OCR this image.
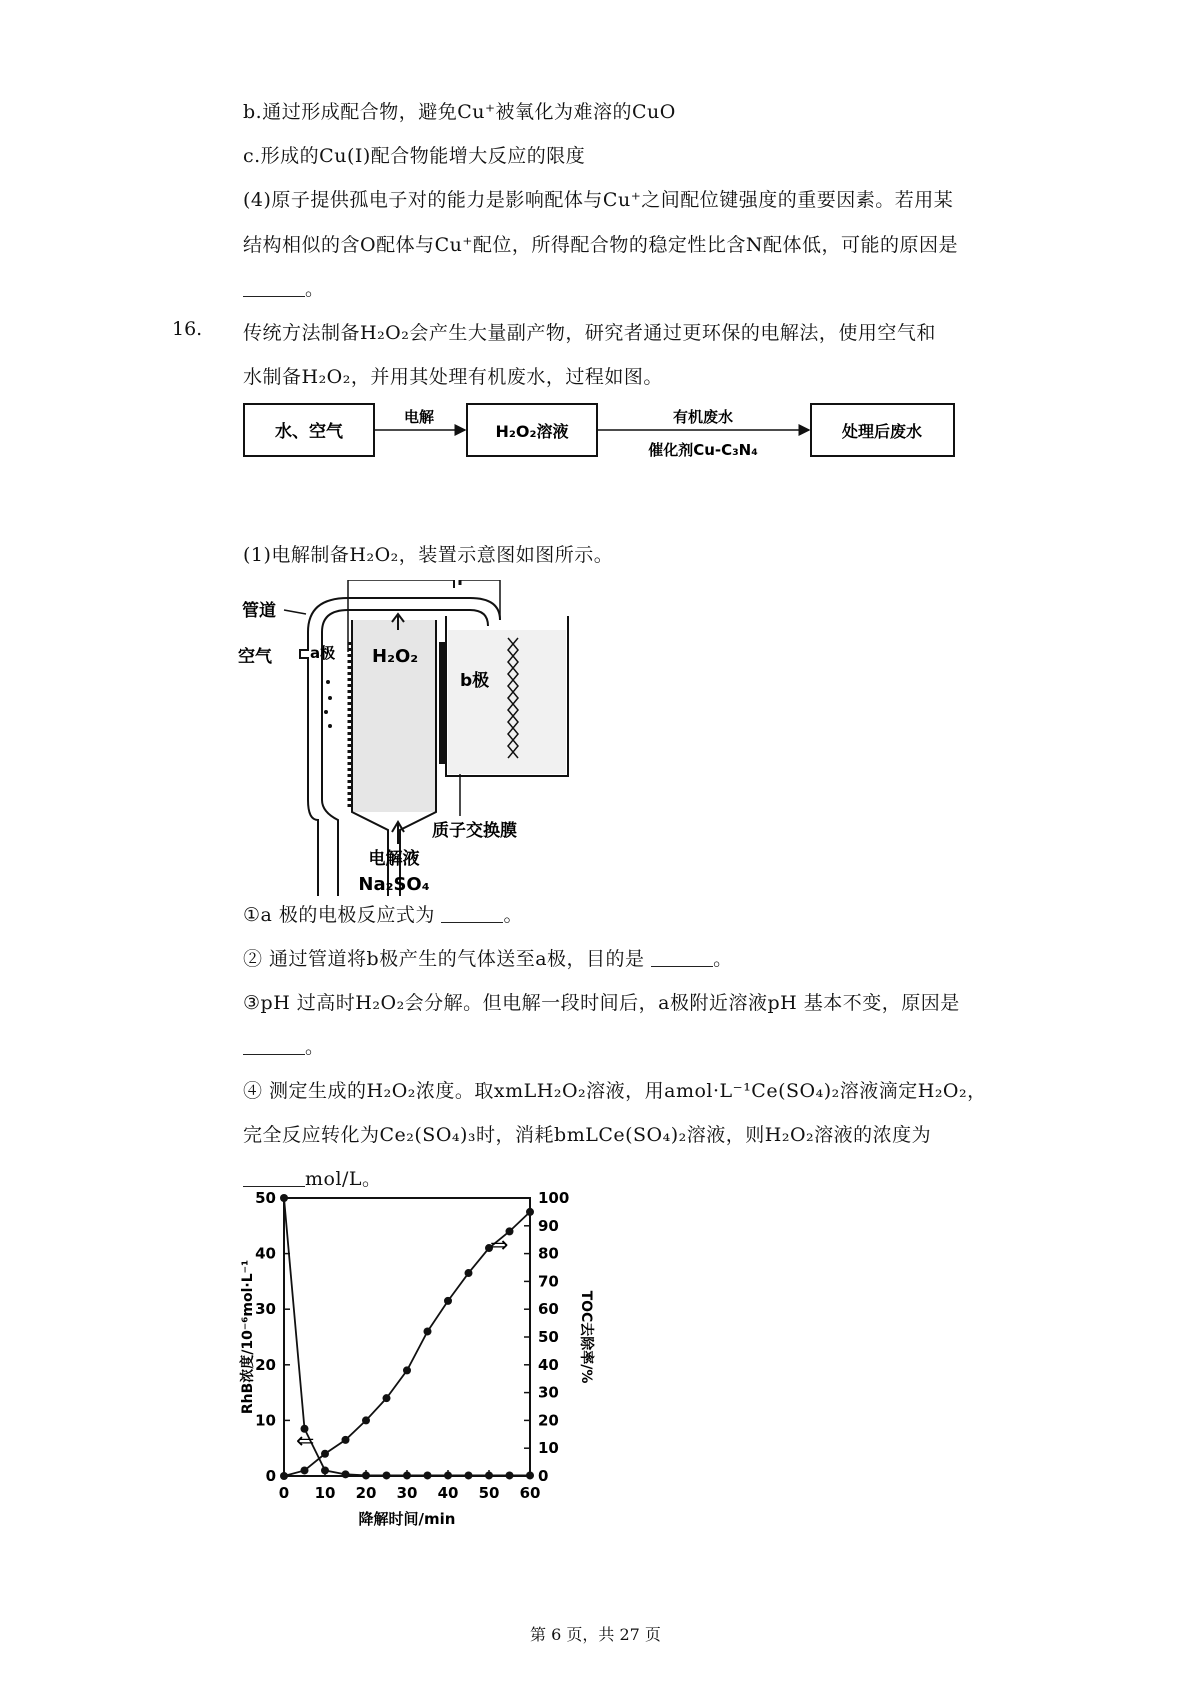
b.通过形成配合物，避免Cu⁺被氧化为难溶的CuO
c.形成的Cu(I)配合物能增大反应的限度
(4)原子提供孤电子对的能力是影响配体与Cu⁺之间配位键强度的重要因素。若用某
结构相似的含O配体与Cu⁺配位，所得配合物的稳定性比含N配体低，可能的原因是
。
16. 传统方法制备H₂O₂会产生大量副产物，研究者通过更环保的电解法，使用空气和
水制备H₂O₂，并用其处理有机废水，过程如图。
水、空气
电解
H₂O₂溶液
有机废水
催化剂Cu-C₃N₄
处理后废水
(1)电解制备H₂O₂，装置示意图如图所示。
管道
空气	a极 H₂O₂
b极
质子交换膜
电解液
Na₂SO₄
①a 极的电极反应式为	。
② 通过管道将b极产生的气体送至a极，目的是	。
③pH 过高时H₂O₂会分解。但电解一段时间后，a极附近溶液pH 基本不变，原因是
。
④ 测定生成的H₂O₂浓度。取xmLH₂O₂溶液，用amol·L⁻¹Ce(SO₄)₂溶液滴定H₂O₂，
完全反应转化为Ce₂(SO₄)₃时，消耗bmLCe(SO₄)₂溶液，则H₂O₂溶液的浓度为
mol/L。
0 10 20 30 40 50 60
0
10
20
30
40
50
0
10
20
30
40
50
60
70
80
90
100
⇐
⇒
降解时间/min
RhB浓度/10⁻⁶mol·L⁻¹	TOC去除率/%
第 6 页，共 27 页
